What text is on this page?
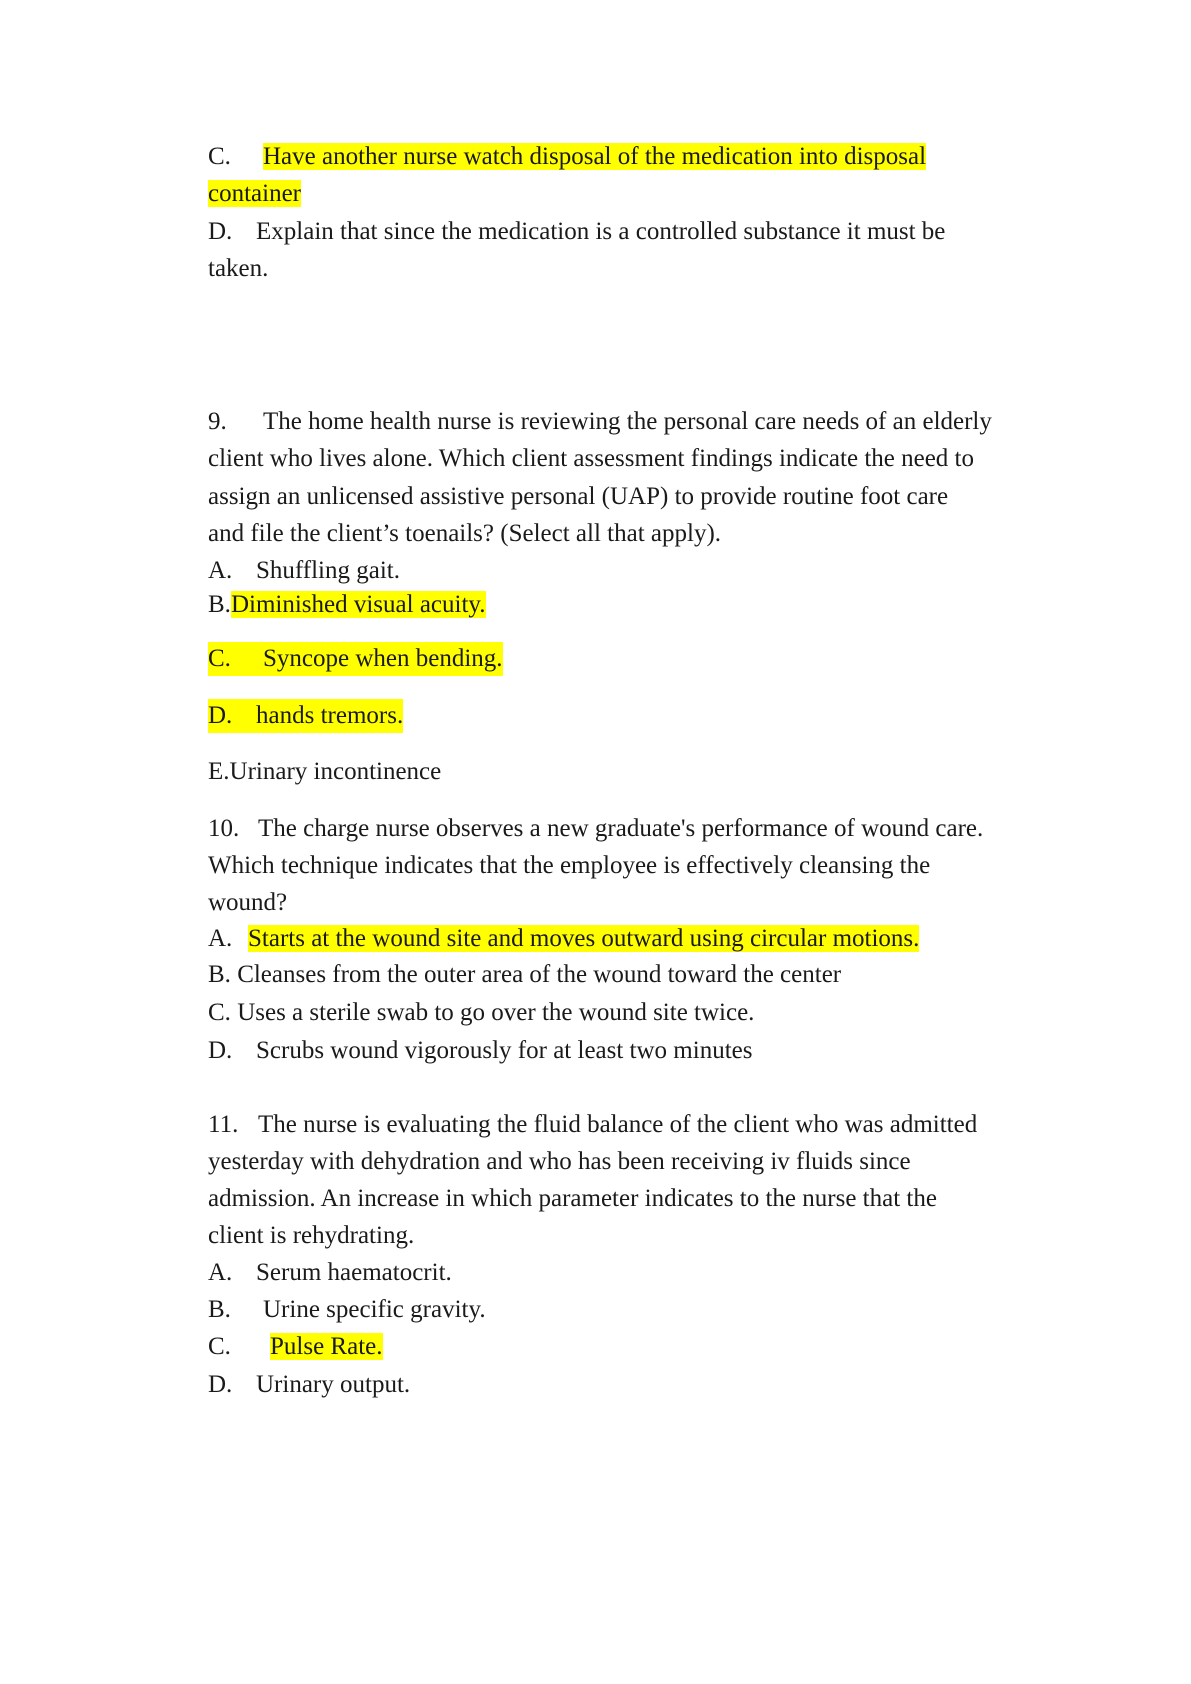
C. Have another nurse watch disposal of the medication into disposal
container
D. Explain that since the medication is a controlled substance it must be
taken.
9. The home health nurse is reviewing the personal care needs of an elderly
client who lives alone. Which client assessment findings indicate the need to
assign an unlicensed assistive personal (UAP) to provide routine foot care
and file the client’s toenails? (Select all that apply).
A. Shuffling gait.
B.Diminished visual acuity.
C. Syncope when bending.
D. hands tremors.
E.Urinary incontinence
10. The charge nurse observes a new graduate's performance of wound care.
Which technique indicates that the employee is effectively cleansing the
wound?
A. Starts at the wound site and moves outward using circular motions.
B. Cleanses from the outer area of the wound toward the center
C. Uses a sterile swab to go over the wound site twice.
D. Scrubs wound vigorously for at least two minutes
11. The nurse is evaluating the fluid balance of the client who was admitted
yesterday with dehydration and who has been receiving iv fluids since
admission. An increase in which parameter indicates to the nurse that the
client is rehydrating.
A. Serum haematocrit.
B. Urine specific gravity.
C. Pulse Rate.
D. Urinary output.
